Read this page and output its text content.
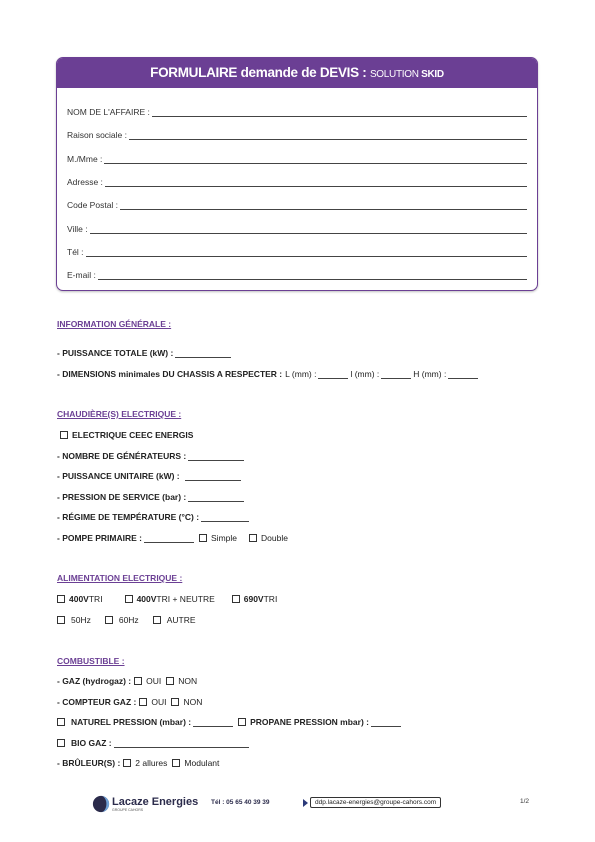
FORMULAIRE demande de DEVIS : SOLUTION SKID
NOM DE L'AFFAIRE :
Raison sociale :
M./Mme :
Adresse :
Code Postal :
Ville :
Tél :
E-mail :
INFORMATION GÉNÉRALE :
- PUISSANCE TOTALE (kW) :
- DIMENSIONS minimales DU CHASSIS A RESPECTER : L (mm) :	l (mm) :	H (mm) :
CHAUDIÈRE(S) ELECTRIQUE :
ELECTRIQUE CEEC ENERGIS
- NOMBRE DE GÉNÉRATEURS :
- PUISSANCE UNITAIRE (kW) :
- PRESSION DE SERVICE (bar) :
- RÉGIME DE TEMPÉRATURE (°C) :
- POMPE PRIMAIRE :	Simple	Double
ALIMENTATION ELECTRIQUE :
400V TRI	400V TRI + NEUTRE	690V TRI
50Hz	60Hz	AUTRE
COMBUSTIBLE :
- GAZ (hydrogaz) : OUI NON
- COMPTEUR GAZ : OUI NON
NATUREL PRESSION (mbar) :	PROPANE PRESSION mbar) :
BIO GAZ :
- BRÛLEUR(S) : 2 allures Modulant
Lacaze Energies
GROUPE CAHORS
Tél : 05 65 40 39 39	ddp.lacaze-energies@groupe-cahors.com	1/2
